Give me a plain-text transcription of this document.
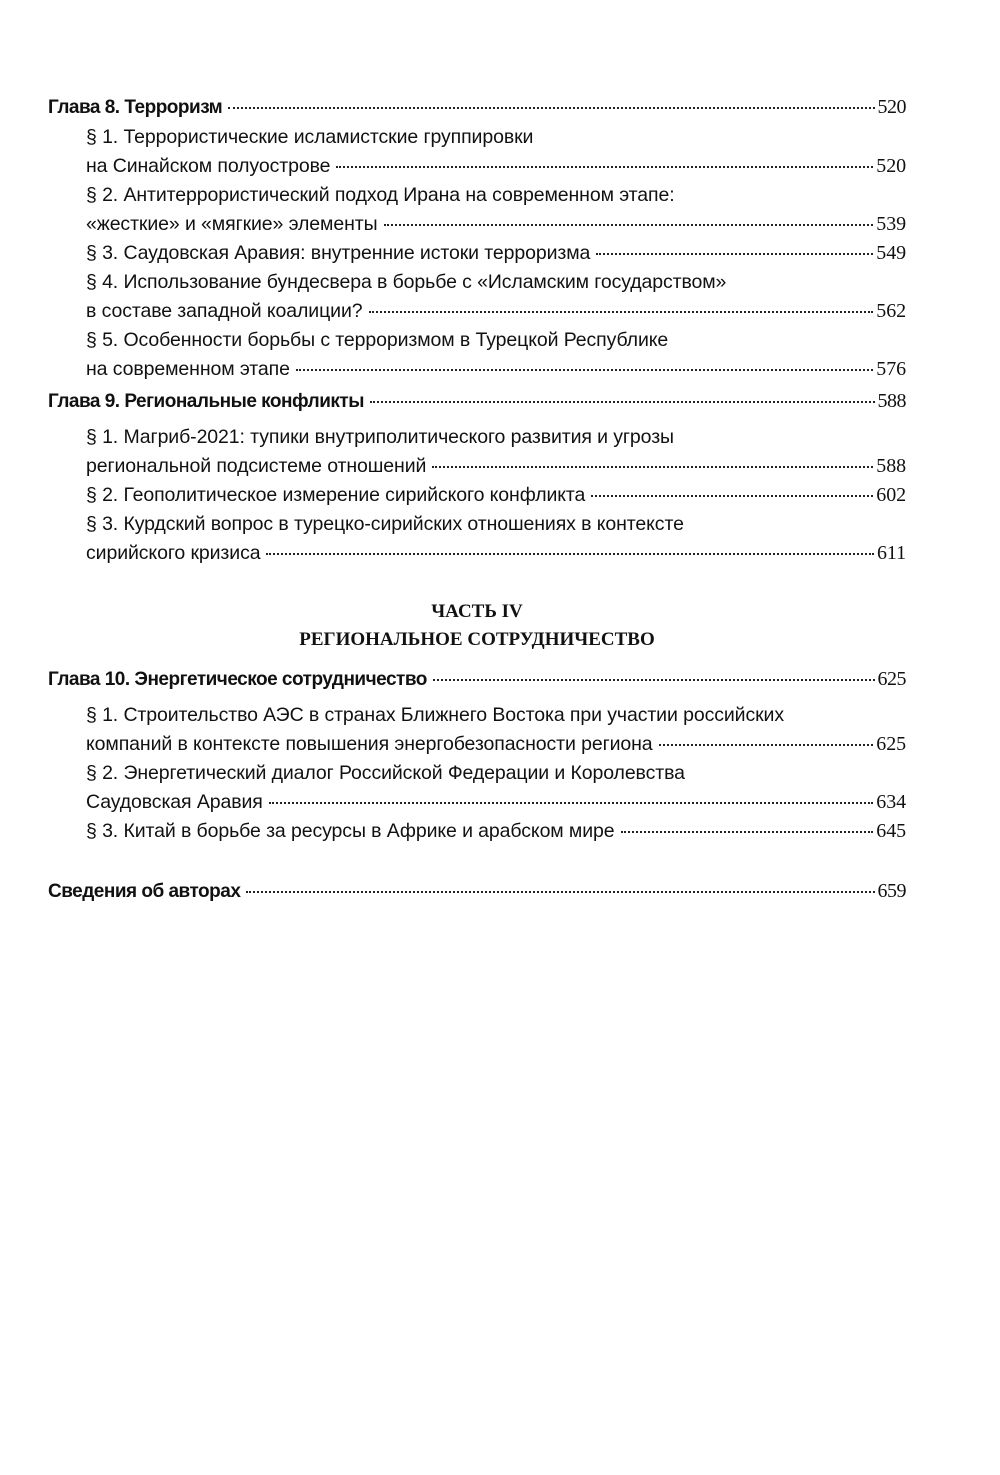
Глава 8. Терроризм	520
§ 1. Террористические исламистские группировки
на Синайском полуострове	520
§ 2. Антитеррористический подход Ирана на современном этапе:
«жесткие» и «мягкие» элементы	539
§ 3. Саудовская Аравия: внутренние истоки терроризма	549
§ 4. Использование бундесвера в борьбе с «Исламским государством»
в составе западной коалиции?	562
§ 5. Особенности борьбы с терроризмом в Турецкой Республике
на современном этапе	576
Глава 9. Региональные конфликты	588
§ 1. Магриб-2021: тупики внутриполитического развития и угрозы
региональной подсистеме отношений	588
§ 2. Геополитическое измерение сирийского конфликта	602
§ 3. Курдский вопрос в турецко-сирийских отношениях в контексте
сирийского кризиса	611
ЧАСТЬ IV
РЕГИОНАЛЬНОЕ СОТРУДНИЧЕСТВО
Глава 10. Энергетическое сотрудничество	625
§ 1. Строительство АЭС в странах Ближнего Востока при участии российских
компаний в контексте повышения энергобезопасности региона	625
§ 2. Энергетический диалог Российской Федерации и Королевства
Саудовская Аравия	634
§ 3. Китай в борьбе за ресурсы в Африке и арабском мире	645
Сведения об авторах	659
